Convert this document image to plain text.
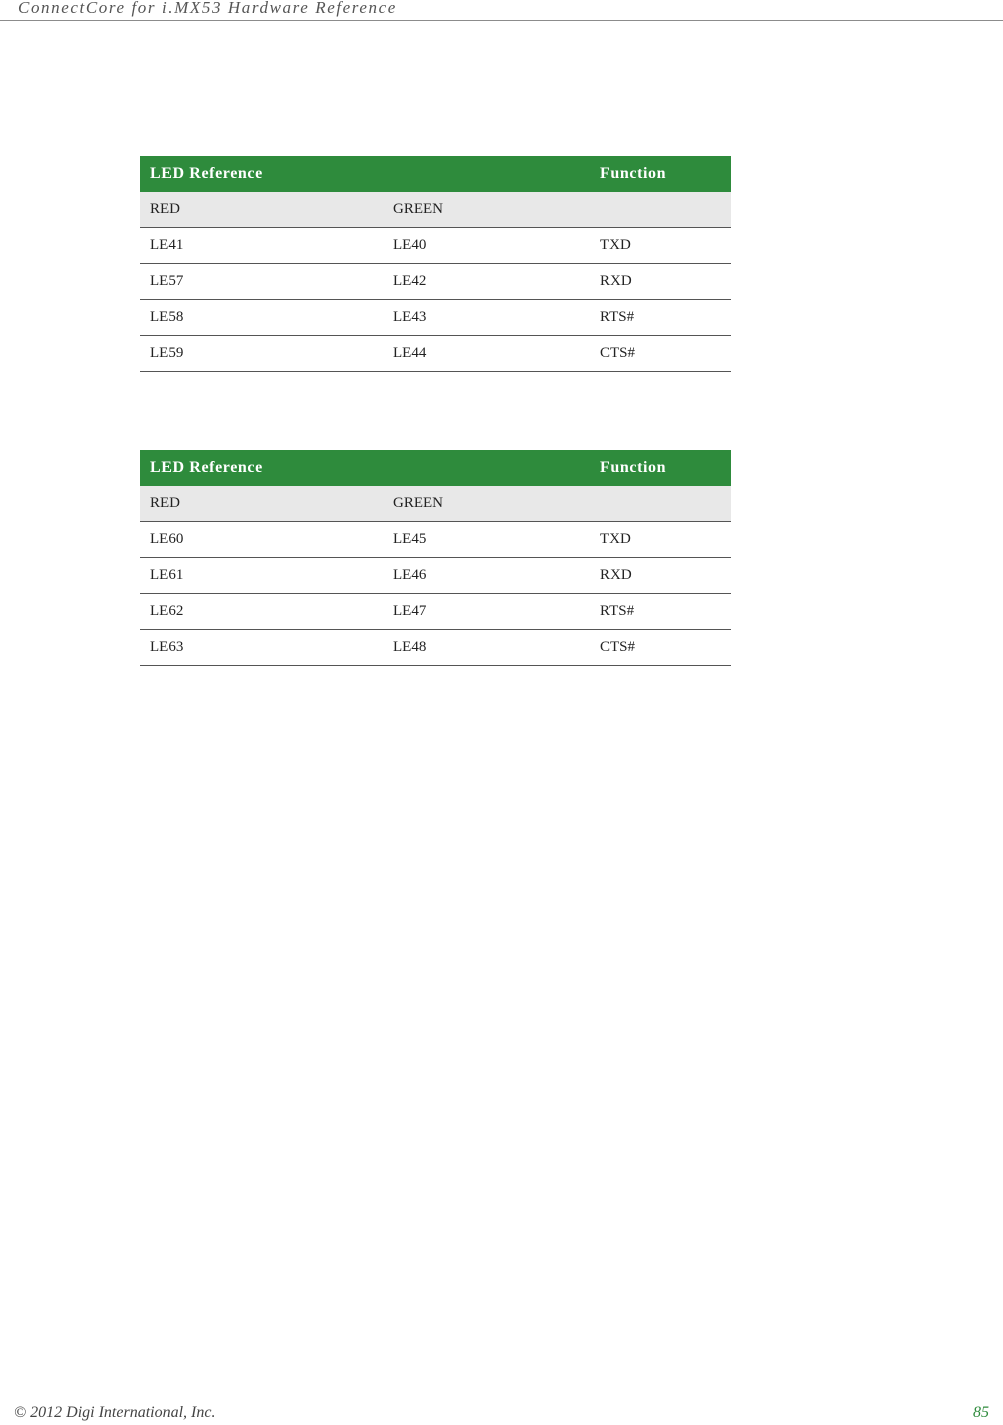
ConnectCore for i.MX53 Hardware Reference
LED Reference		Function
RED	GREEN	
LE41	LE40	TXD
LE57	LE42	RXD
LE58	LE43	RTS#
LE59	LE44	CTS#
LED Reference		Function
RED	GREEN	
LE60	LE45	TXD
LE61	LE46	RXD
LE62	LE47	RTS#
LE63	LE48	CTS#
© 2012 Digi International, Inc.	85
